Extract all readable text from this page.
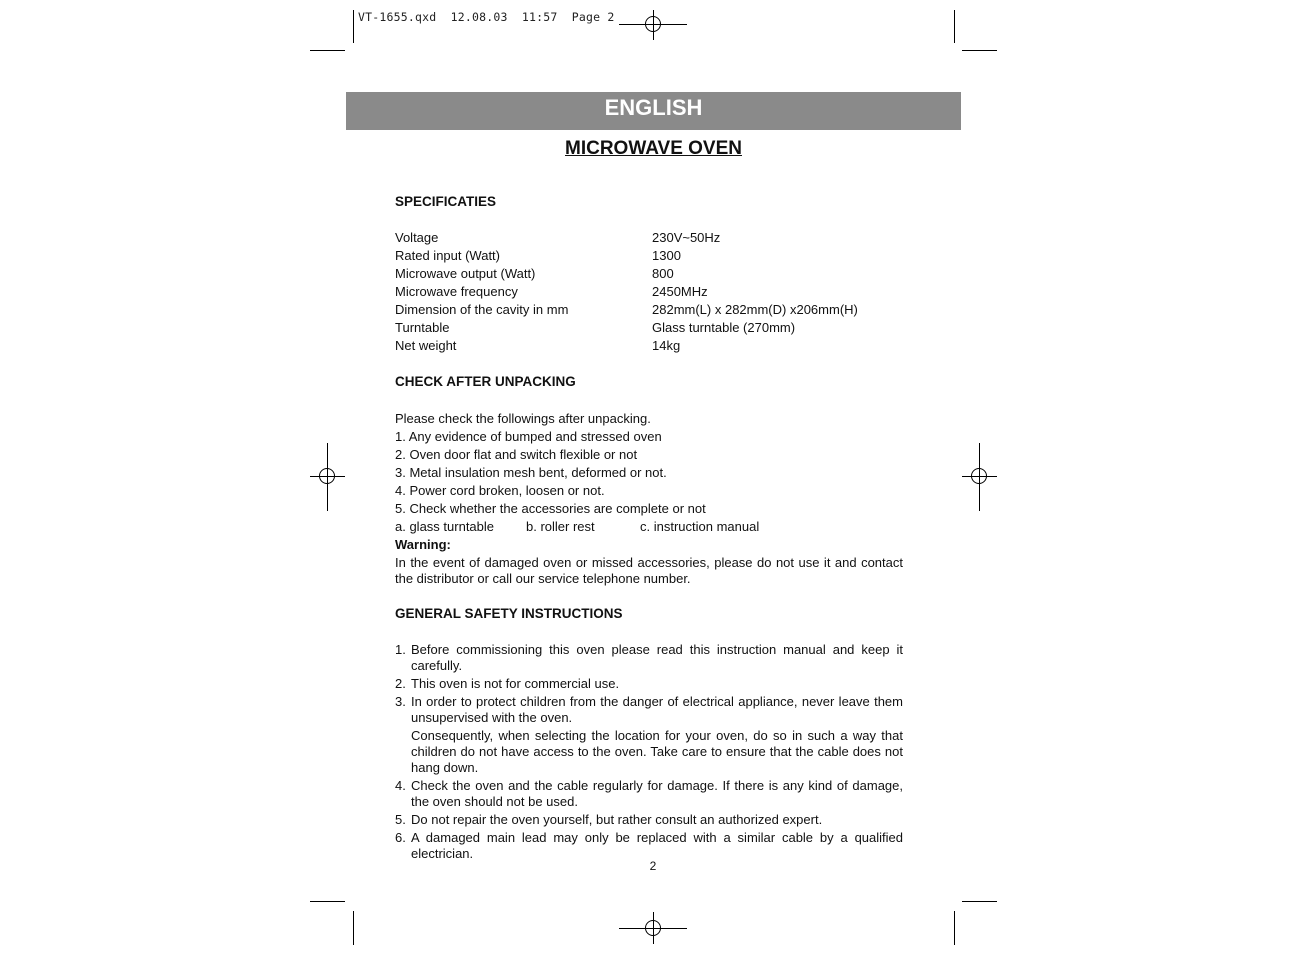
VT-1655.qxd  12.08.03  11:57  Page 2
ENGLISH
MICROWAVE OVEN
SPECIFICATIES
Voltage	230V~50Hz
Rated input (Watt)	1300
Microwave output (Watt)	800
Microwave frequency	2450MHz
Dimension of the cavity in mm	282mm(L) x 282mm(D) x206mm(H)
Turntable	Glass turntable (270mm)
Net weight	14kg
CHECK AFTER UNPACKING
Please check the followings after unpacking.
1. Any evidence of bumped and stressed oven
2. Oven door flat and switch flexible or not
3. Metal insulation mesh bent, deformed or not.
4. Power cord broken, loosen or not.
5. Check whether the accessories are complete or not
a. glass turntable	b. roller rest	c. instruction manual
Warning:
In the event of damaged oven or missed accessories, please do not use it and contact the distributor or call our service telephone number.
GENERAL SAFETY INSTRUCTIONS
1. Before commissioning this oven please read this instruction manual and keep it carefully.
2. This oven is not for commercial use.
3. In order to protect children from the danger of electrical appliance, never leave them unsupervised with the oven.
Consequently, when selecting the location for your oven, do so in such a way that children do not have access to the oven. Take care to ensure that the cable does not hang down.
4. Check the oven and the cable regularly for damage. If there is any kind of damage, the oven should not be used.
5. Do not repair the oven yourself, but rather consult an authorized expert.
6. A damaged main lead may only be replaced with a similar cable by a qualified electrician.
2
